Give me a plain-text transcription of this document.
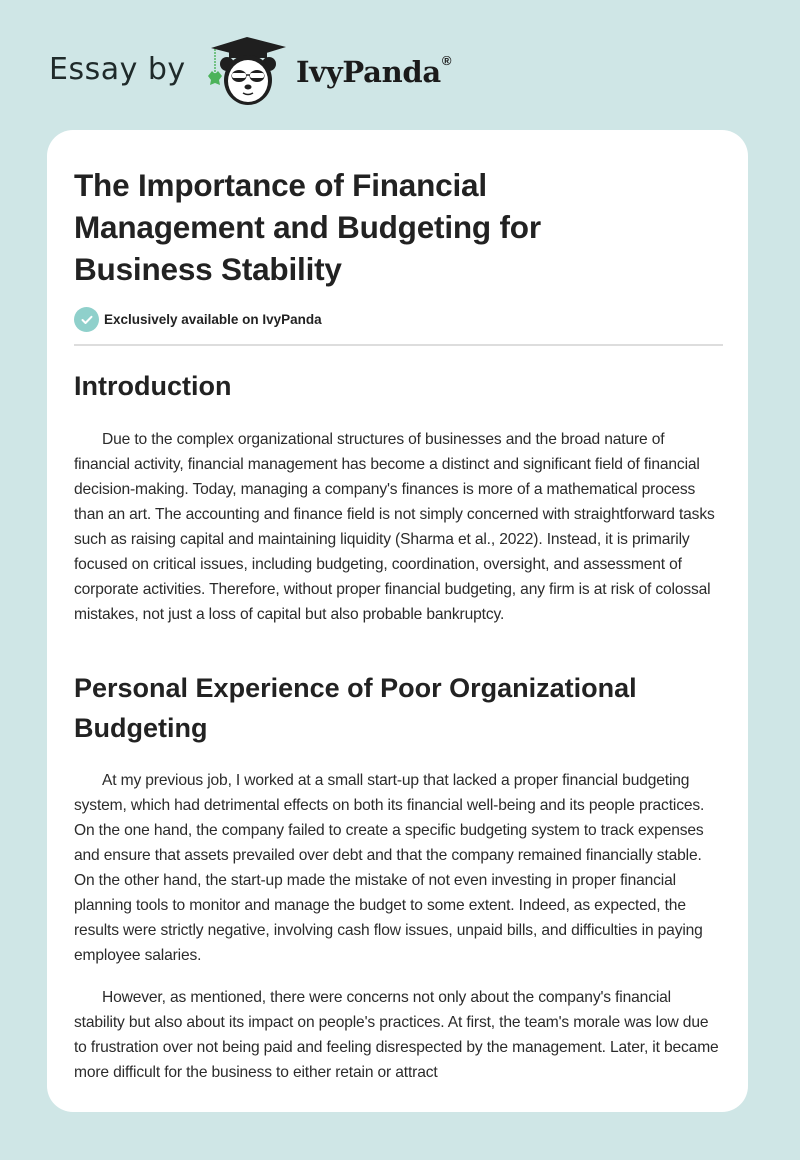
Essay by	IvyPanda®
The Importance of Financial Management and Budgeting for Business Stability
Exclusively available on IvyPanda
Introduction

Due to the complex organizational structures of businesses and the broad nature of financial activity, financial management has become a distinct and significant field of financial decision-making. Today, managing a company's finances is more of a mathematical process than an art. The accounting and finance field is not simply concerned with straightforward tasks such as raising capital and maintaining liquidity (Sharma et al., 2022). Instead, it is primarily focused on critical issues, including budgeting, coordination, oversight, and assessment of corporate activities. Therefore, without proper financial budgeting, any firm is at risk of colossal mistakes, not just a loss of capital but also probable bankruptcy.

Personal Experience of Poor Organizational Budgeting

At my previous job, I worked at a small start-up that lacked a proper financial budgeting system, which had detrimental effects on both its financial well-being and its people practices. On the one hand, the company failed to create a specific budgeting system to track expenses and ensure that assets prevailed over debt and that the company remained financially stable. On the other hand, the start-up made the mistake of not even investing in proper financial planning tools to monitor and manage the budget to some extent. Indeed, as expected, the results were strictly negative, involving cash flow issues, unpaid bills, and difficulties in paying employee salaries.

However, as mentioned, there were concerns not only about the company's financial stability but also about its impact on people's practices. At first, the team's morale was low due to frustration over not being paid and feeling disrespected by the management. Later, it became more difficult for the business to either retain or attract
